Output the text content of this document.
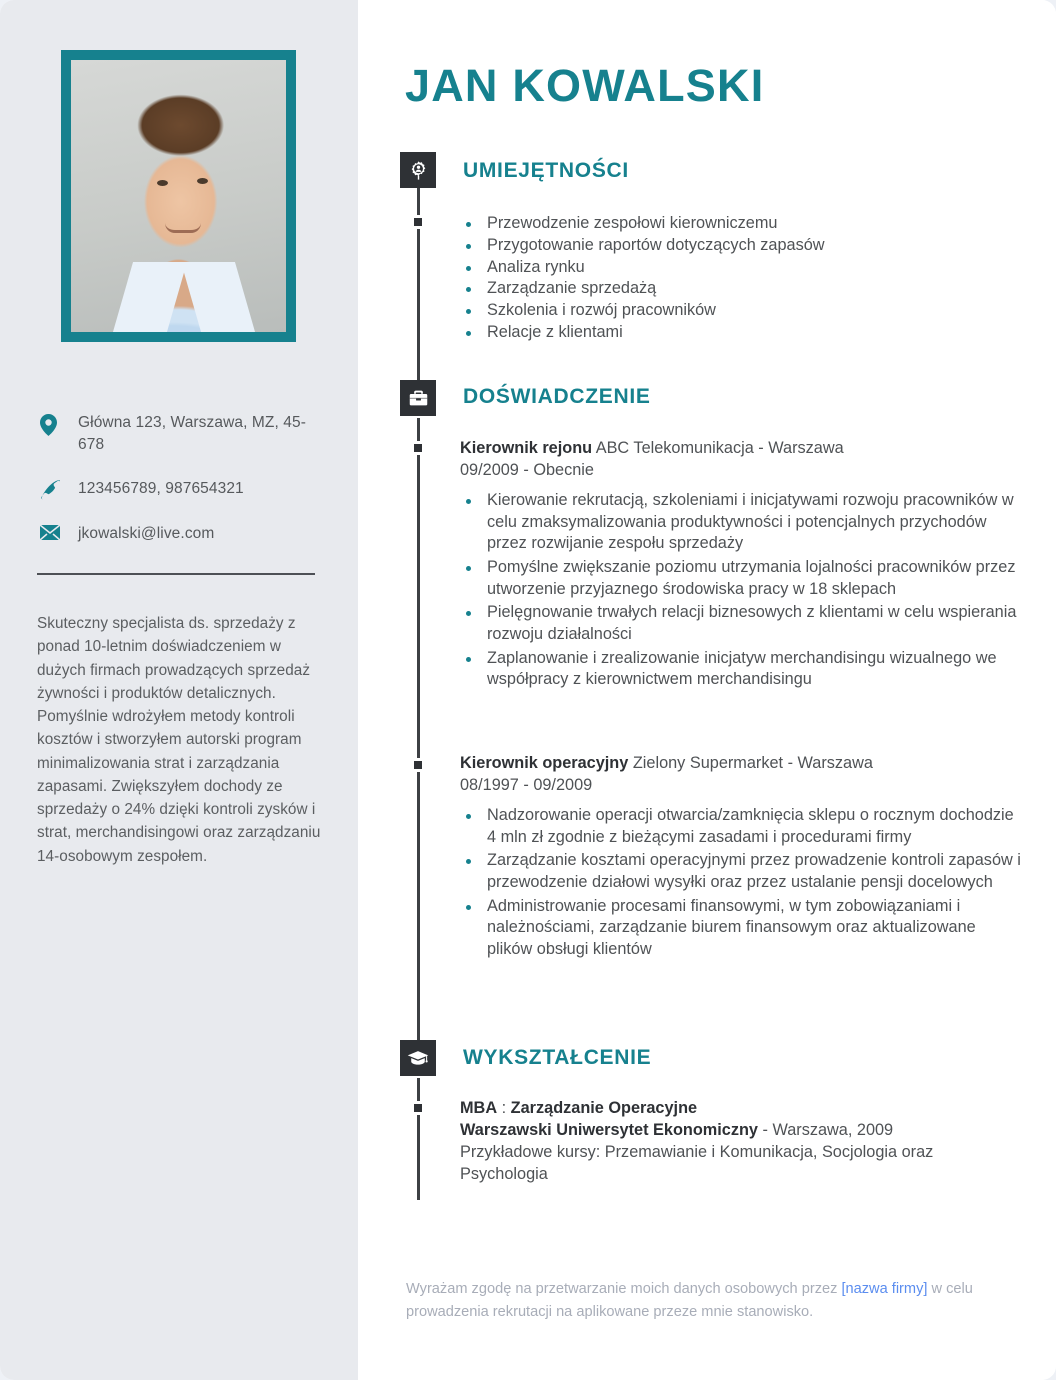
Główna 123, Warszawa, MZ, 45-678
123456789, 987654321
jkowalski@live.com

Skuteczny specjalista ds. sprzedaży z ponad 10-letnim doświadczeniem w dużych firmach prowadzących sprzedaż żywności i produktów detalicznych. Pomyślnie wdrożyłem metody kontroli kosztów i stworzyłem autorski program minimalizowania strat i zarządzania zapasami. Zwiększyłem dochody ze sprzedaży o 24% dzięki kontroli zysków i strat, merchandisingowi oraz zarządzaniu 14-osobowym zespołem.

JAN KOWALSKI
UMIEJĘTNOŚCI
Przewodzenie zespołowi kierowniczemu
Przygotowanie raportów dotyczących zapasów
Analiza rynku
Zarządzanie sprzedażą
Szkolenia i rozwój pracowników
Relacje z klientami
DOŚWIADCZENIE
Kierownik rejonu ABC Telekomunikacja - Warszawa
09/2009 - Obecnie
Kierowanie rekrutacją, szkoleniami i inicjatywami rozwoju pracowników w celu zmaksymalizowania produktywności i potencjalnych przychodów przez rozwijanie zespołu sprzedaży
Pomyślne zwiększanie poziomu utrzymania lojalności pracowników przez utworzenie przyjaznego środowiska pracy w 18 sklepach
Pielęgnowanie trwałych relacji biznesowych z klientami w celu wspierania rozwoju działalności
Zaplanowanie i zrealizowanie inicjatyw merchandisingu wizualnego we współpracy z kierownictwem merchandisingu
Kierownik operacyjny Zielony Supermarket - Warszawa
08/1997 - 09/2009
Nadzorowanie operacji otwarcia/zamknięcia sklepu o rocznym dochodzie 4 mln zł zgodnie z bieżącymi zasadami i procedurami firmy
Zarządzanie kosztami operacyjnymi przez prowadzenie kontroli zapasów i przewodzenie działowi wysyłki oraz przez ustalanie pensji docelowych
Administrowanie procesami finansowymi, w tym zobowiązaniami i należnościami, zarządzanie biurem finansowym oraz aktualizowane plików obsługi klientów
WYKSZTAŁCENIE
MBA : Zarządzanie Operacyjne
Warszawski Uniwersytet Ekonomiczny - Warszawa, 2009
Przykładowe kursy: Przemawianie i Komunikacja, Socjologia oraz Psychologia

Wyrażam zgodę na przetwarzanie moich danych osobowych przez [nazwa firmy] w celu prowadzenia rekrutacji na aplikowane przeze mnie stanowisko.
